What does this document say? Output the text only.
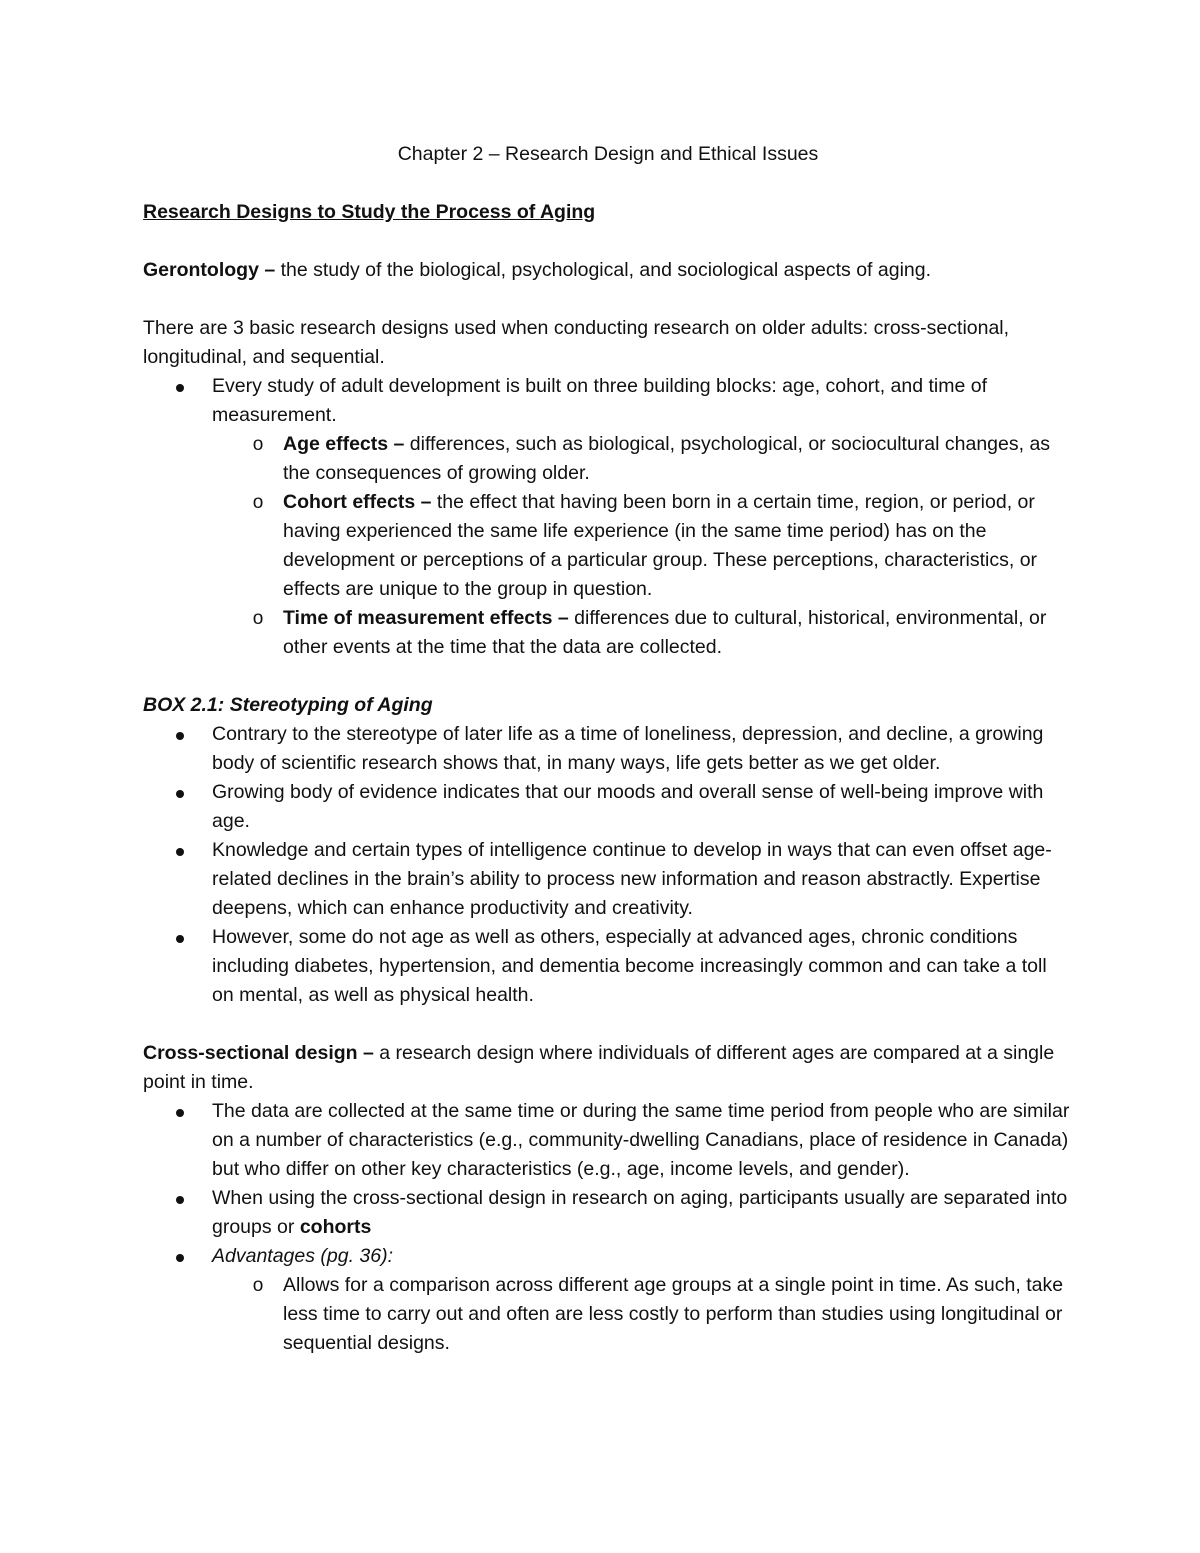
Chapter 2 – Research Design and Ethical Issues

Research Designs to Study the Process of Aging

Gerontology – the study of the biological, psychological, and sociological aspects of aging.

There are 3 basic research designs used when conducting research on older adults: cross-sectional, longitudinal, and sequential.

Every study of adult development is built on three building blocks: age, cohort, and time of measurement.
o Age effects – differences, such as biological, psychological, or sociocultural changes, as the consequences of growing older.
o Cohort effects – the effect that having been born in a certain time, region, or period, or having experienced the same life experience (in the same time period) has on the development or perceptions of a particular group. These perceptions, characteristics, or effects are unique to the group in question.
o Time of measurement effects – differences due to cultural, historical, environmental, or other events at the time that the data are collected.

BOX 2.1: Stereotyping of Aging

Contrary to the stereotype of later life as a time of loneliness, depression, and decline, a growing body of scientific research shows that, in many ways, life gets better as we get older.
Growing body of evidence indicates that our moods and overall sense of well-being improve with age.
Knowledge and certain types of intelligence continue to develop in ways that can even offset age-related declines in the brain’s ability to process new information and reason abstractly. Expertise deepens, which can enhance productivity and creativity.
However, some do not age as well as others, especially at advanced ages, chronic conditions including diabetes, hypertension, and dementia become increasingly common and can take a toll on mental, as well as physical health.

Cross-sectional design – a research design where individuals of different ages are compared at a single point in time.

The data are collected at the same time or during the same time period from people who are similar on a number of characteristics (e.g., community-dwelling Canadians, place of residence in Canada) but who differ on other key characteristics (e.g., age, income levels, and gender).
When using the cross-sectional design in research on aging, participants usually are separated into groups or cohorts
Advantages (pg. 36):
o Allows for a comparison across different age groups at a single point in time. As such, take less time to carry out and often are less costly to perform than studies using longitudinal or sequential designs.
